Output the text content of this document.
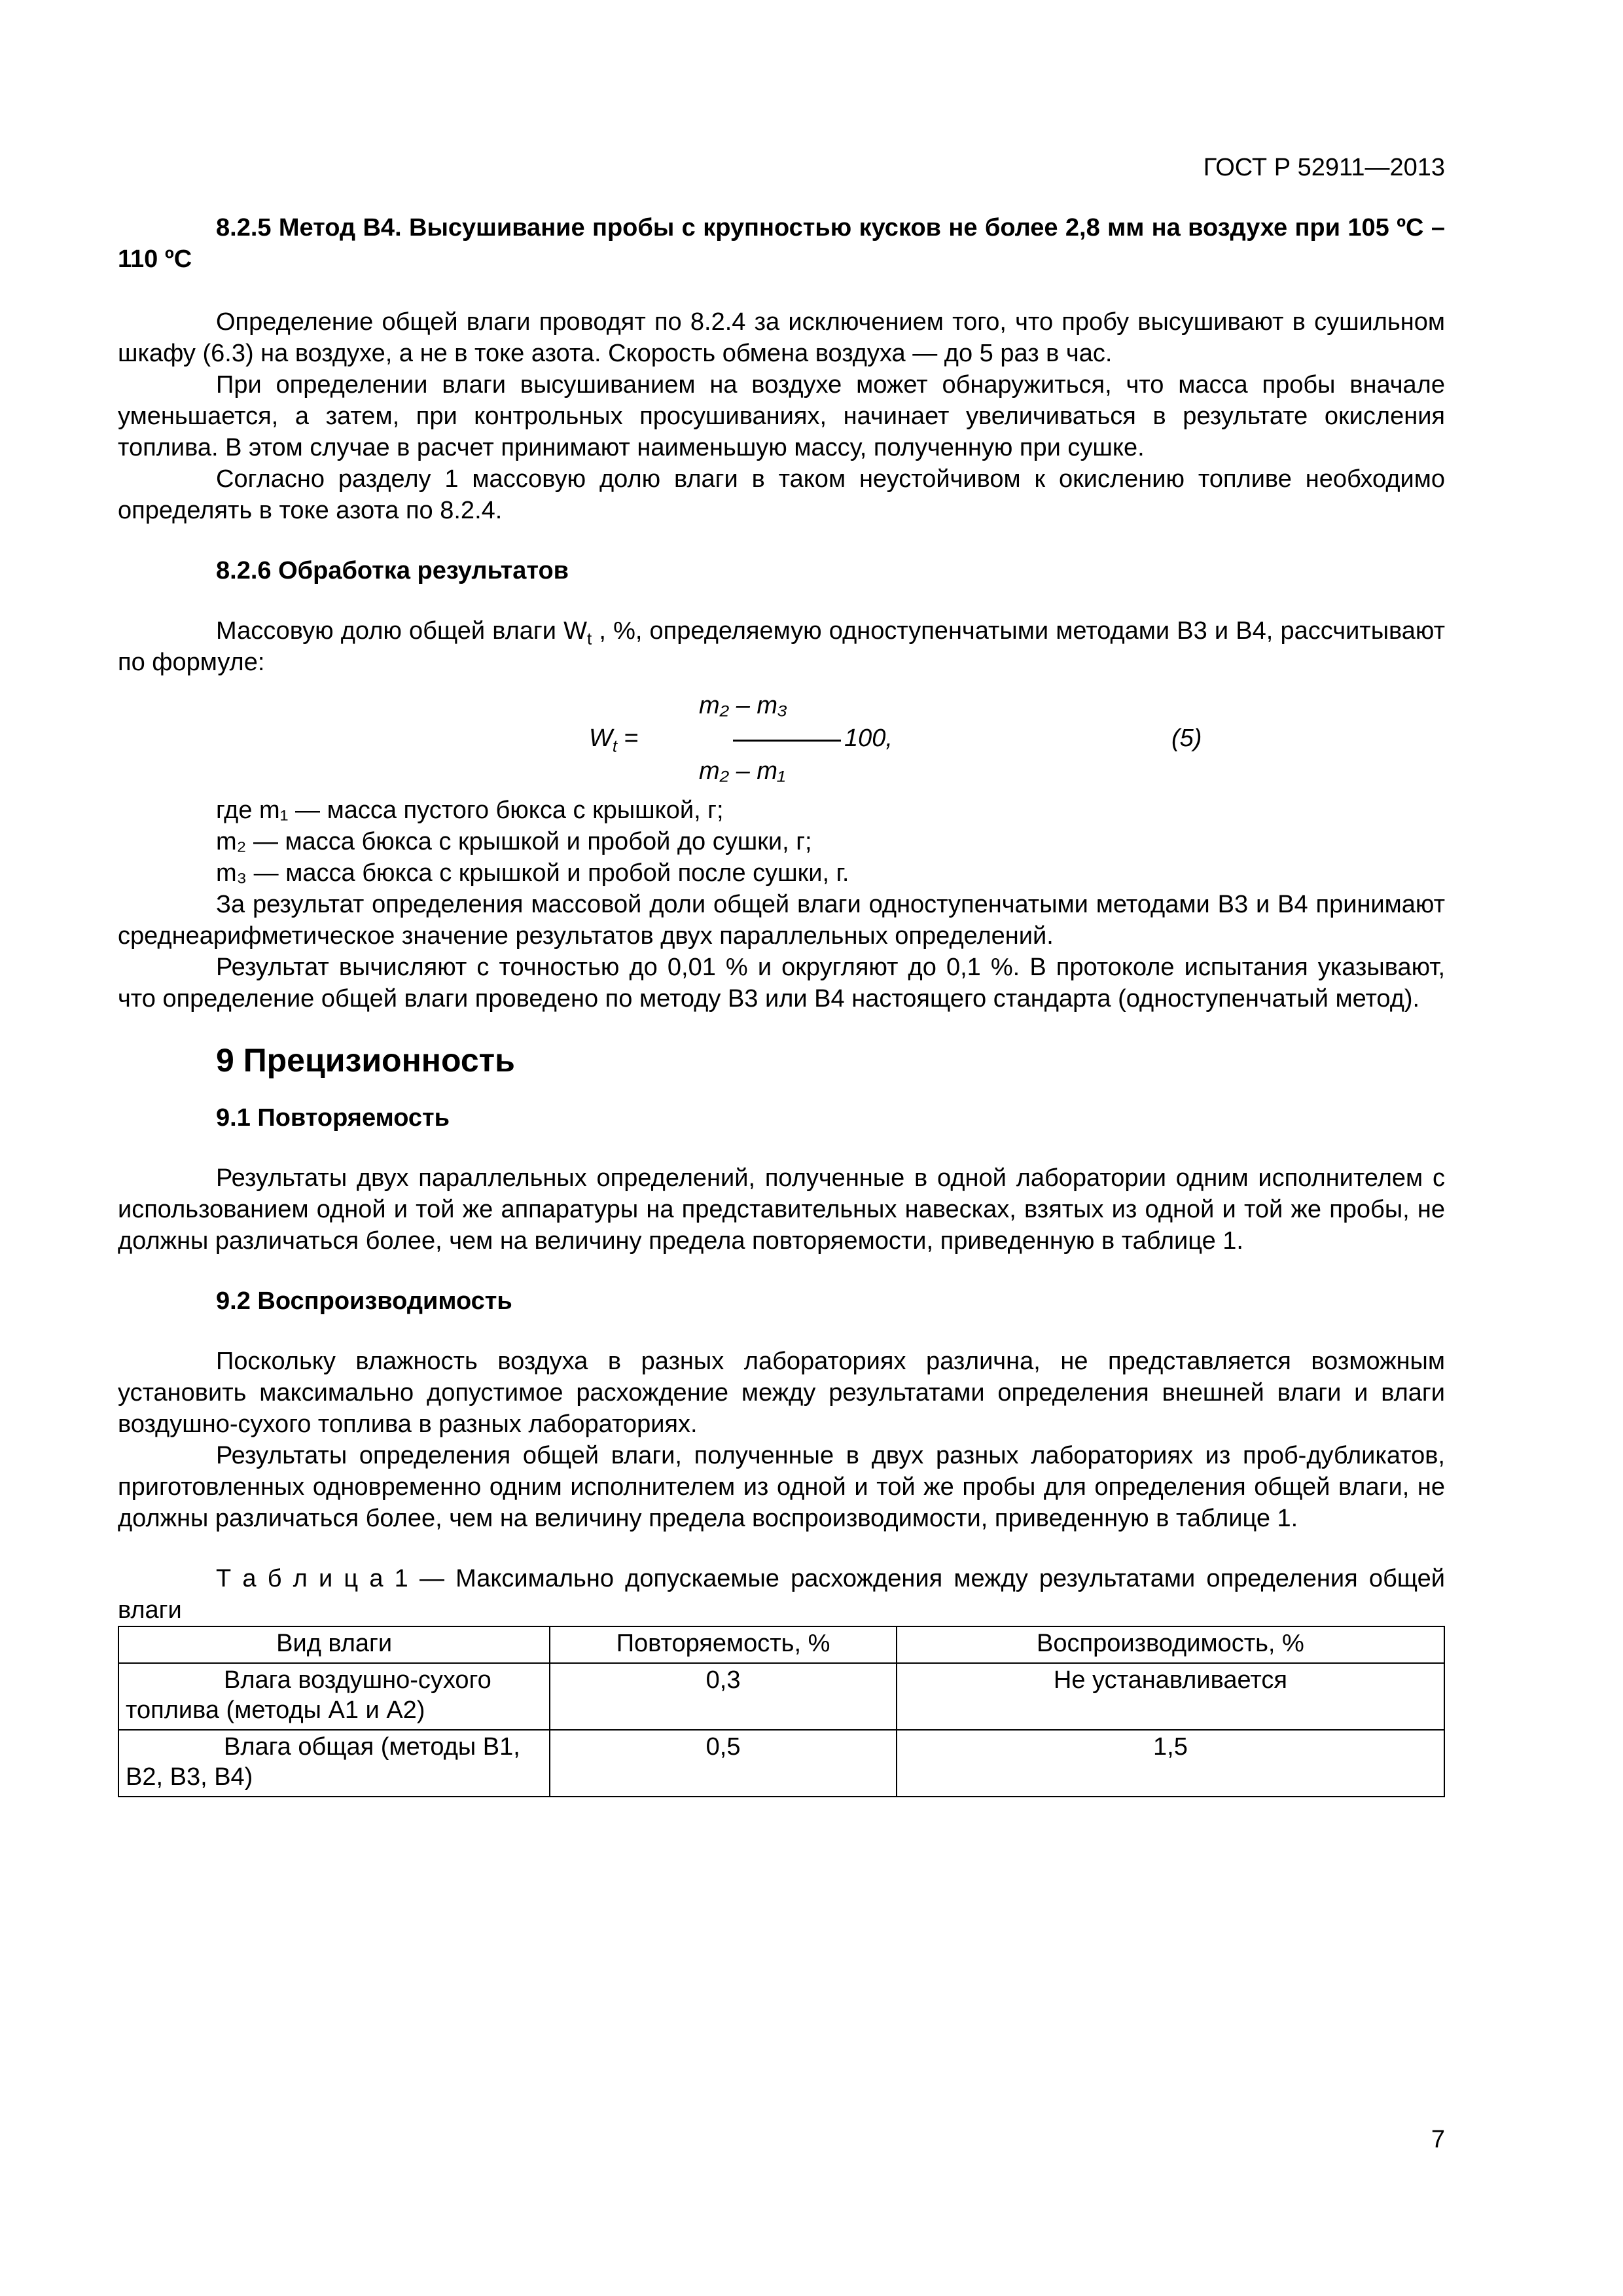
ГОСТ Р 52911—2013

8.2.5 Метод В4. Высушивание пробы с крупностью кусков не более 2,8 мм на воздухе при 105 ºС – 110 ºС

Определение общей влаги проводят по 8.2.4 за исключением того, что пробу высушивают в сушильном шкафу (6.3) на воздухе, а не в токе азота. Скорость обмена воздуха — до 5 раз в час.

При определении влаги высушиванием на воздухе может обнаружиться, что масса пробы вначале уменьшается, а затем, при контрольных просушиваниях, начинает увеличиваться в результате окисления топлива. В этом случае в расчет принимают наименьшую массу, полученную при сушке.

Согласно разделу 1 массовую долю влаги в таком неустойчивом к окислению топливе необходимо определять в токе азота по 8.2.4.

8.2.6 Обработка результатов

Массовую долю общей влаги $W_t$ , %, определяемую одноступенчатыми методами В3 и В4, рассчитывают по формуле:

$W_t$ =
m₂ – m₃
m₂ – m₁
100,	(5)

где m₁ — масса пустого бюкса с крышкой, г;

m₂ — масса бюкса с крышкой и пробой до сушки, г;

m₃ — масса бюкса с крышкой и пробой после сушки, г.

За результат определения массовой доли общей влаги одноступенчатыми методами В3 и В4 принимают среднеарифметическое значение результатов двух параллельных определений.

Результат вычисляют с точностью до 0,01 % и округляют до 0,1 %. В протоколе испытания указывают, что определение общей влаги проведено по методу В3 или В4 настоящего стандарта (одноступенчатый метод).

9 Прецизионность

9.1 Повторяемость

Результаты двух параллельных определений, полученные в одной лаборатории одним исполнителем с использованием одной и той же аппаратуры на представительных навесках, взятых из одной и той же пробы, не должны различаться более, чем на величину предела повторяемости, приведенную в таблице 1.

9.2 Воспроизводимость

Поскольку влажность воздуха в разных лабораториях различна, не представляется возможным установить максимально допустимое расхождение между результатами определения внешней влаги и влаги воздушно-сухого топлива в разных лабораториях.

Результаты определения общей влаги, полученные в двух разных лабораториях из проб-дубликатов, приготовленных одновременно одним исполнителем из одной и той же пробы для определения общей влаги, не должны различаться более, чем на величину предела воспроизводимости, приведенную в таблице 1.

Т а б л и ц а 1 — Максимально допускаемые расхождения между результатами определения общей влаги

Вид влаги	Повторяемость, %	Воспроизводимость, %
Влага воздушно-сухого топлива (методы А1 и А2)	0,3	Не устанавливается
Влага общая (методы В1, В2, В3, В4)	0,5	1,5
7
